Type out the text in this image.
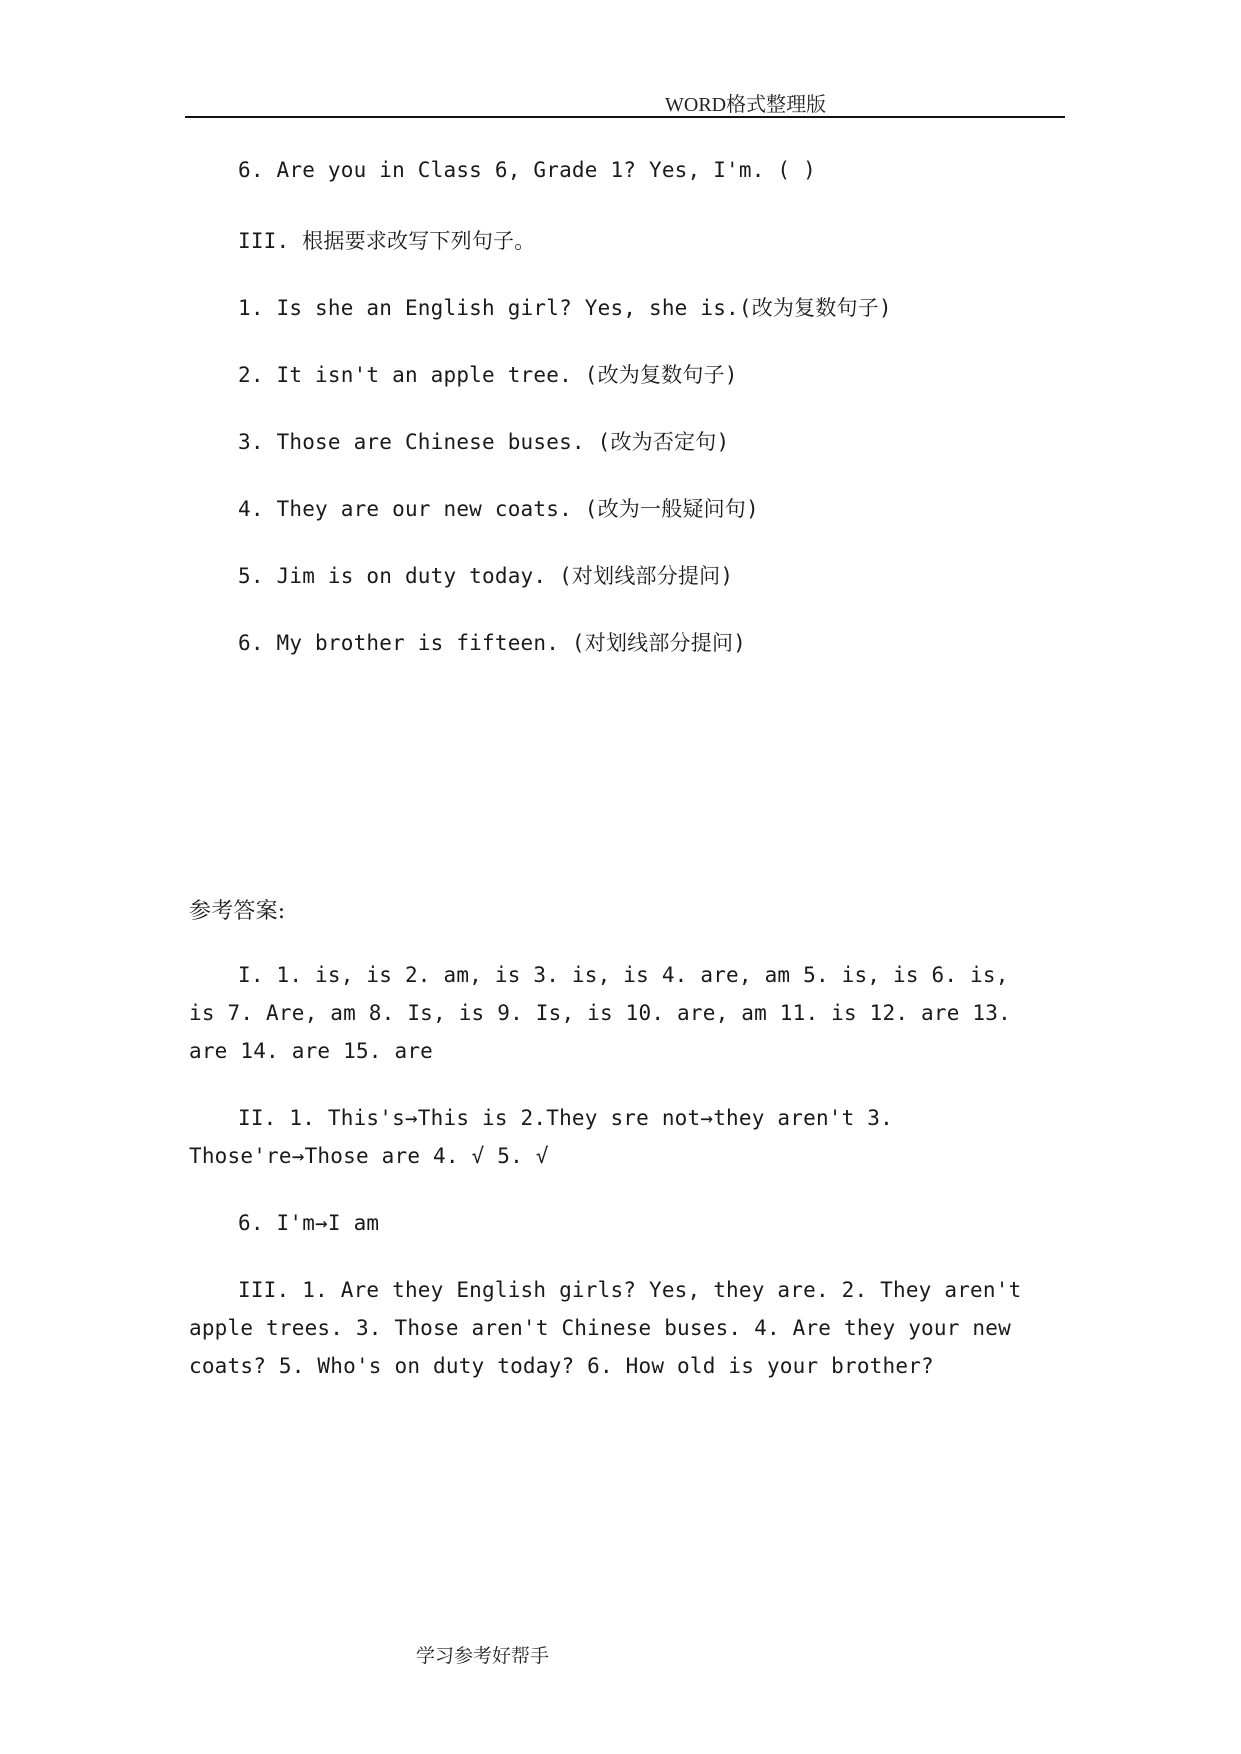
WORD格式整理版
6. Are you in Class 6, Grade 1? Yes, I'm. ( )
III. 根据要求改写下列句子。
1. Is she an English girl? Yes, she is.(改为复数句子)
2. It isn't an apple tree. (改为复数句子)
3. Those are Chinese buses. (改为否定句)
4. They are our new coats. (改为一般疑问句)
5. Jim is on duty today. (对划线部分提问)
6. My brother is fifteen. (对划线部分提问)
参考答案:
I. 1. is, is 2. am, is 3. is, is 4. are, am 5. is, is 6. is,
is 7. Are, am 8. Is, is 9. Is, is 10. are, am 11. is 12. are 13.
are 14. are 15. are
II. 1. This's→This is 2.They sre not→they aren't 3.
Those're→Those are 4. √ 5. √
6. I'm→I am
III. 1. Are they English girls? Yes, they are. 2. They aren't
apple trees. 3. Those aren't Chinese buses. 4. Are they your new
coats? 5. Who's on duty today? 6. How old is your brother?
学习参考好帮手
